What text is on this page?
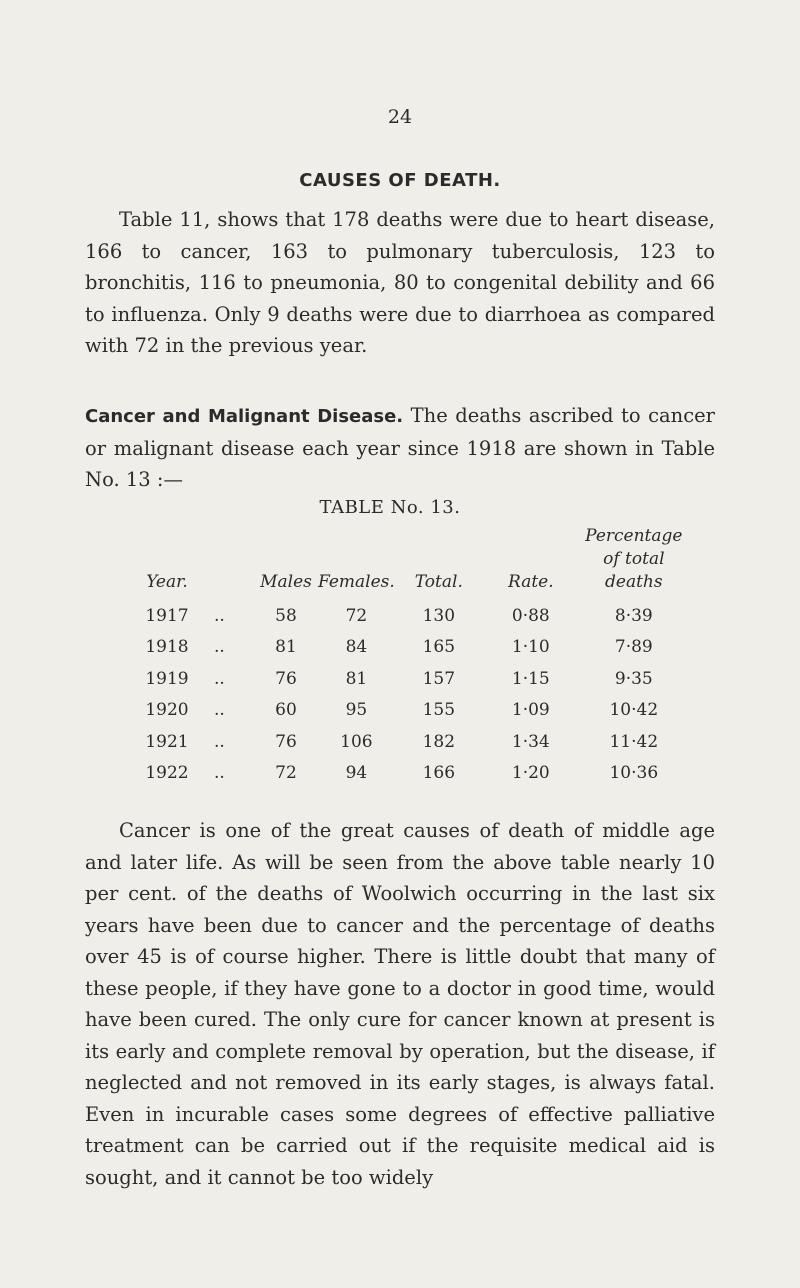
24
CAUSES OF DEATH.

Table 11, shows that 178 deaths were due to heart disease, 166 to cancer, 163 to pulmonary tuberculosis, 123 to bronchitis, 116 to pneumonia, 80 to congenital debility and 66 to influenza. Only 9 deaths were due to diarrhoea as compared with 72 in the previous year.

Cancer and Malignant Disease. The deaths ascribed to cancer or malignant disease each year since 1918 are shown in Table No. 13 :—

TABLE No. 13.
Year.		Males	Females.	Total.	Rate.	Percentage
of total
deaths

1917	..	58	72	130	0·88	8·39
1918	..	81	84	165	1·10	7·89
1919	..	76	81	157	1·15	9·35
1920	..	60	95	155	1·09	10·42
1921	..	76	106	182	1·34	11·42
1922	..	72	94	166	1·20	10·36

Cancer is one of the great causes of death of middle age and later life. As will be seen from the above table nearly 10 per cent. of the deaths of Woolwich occurring in the last six years have been due to cancer and the percentage of deaths over 45 is of course higher. There is little doubt that many of these people, if they have gone to a doctor in good time, would have been cured. The only cure for cancer known at present is its early and complete removal by operation, but the disease, if neglected and not removed in its early stages, is always fatal. Even in incurable cases some degrees of effective palliative treatment can be carried out if the requisite medical aid is sought, and it cannot be too widely
